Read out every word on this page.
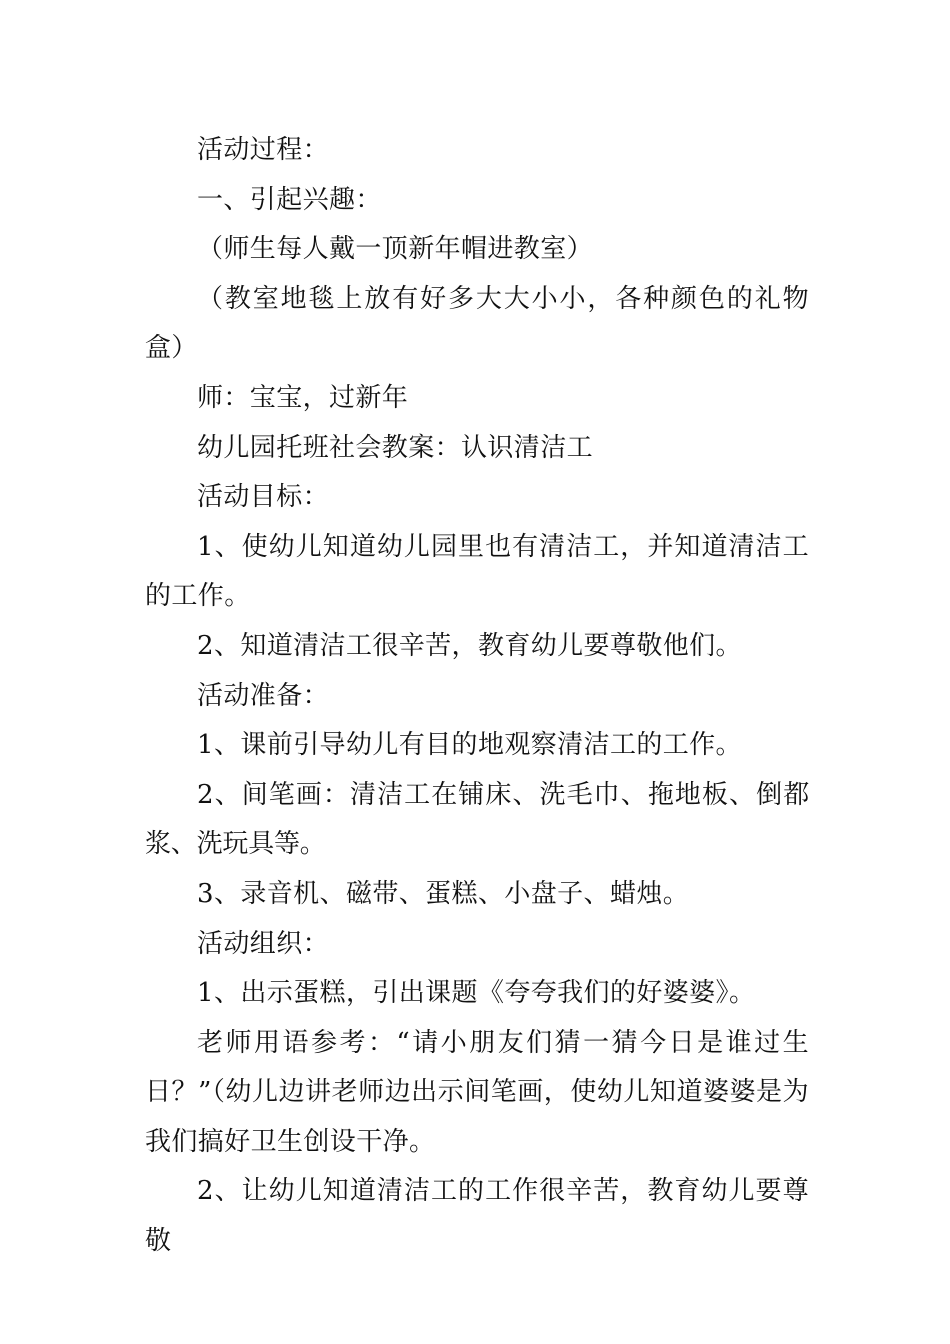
活动过程：

一、引起兴趣：

（师生每人戴一顶新年帽进教室）

（教室地毯上放有好多大大小小，各种颜色的礼物盒）

师：宝宝，过新年

幼儿园托班社会教案：认识清洁工

活动目标：

1、使幼儿知道幼儿园里也有清洁工，并知道清洁工的工作。

2、知道清洁工很辛苦，教育幼儿要尊敬他们。

活动准备：

1、课前引导幼儿有目的地观察清洁工的工作。

2、间笔画：清洁工在铺床、洗毛巾、拖地板、倒都浆、洗玩具等。

3、录音机、磁带、蛋糕、小盘子、蜡烛。

活动组织：

1、出示蛋糕，引出课题《夸夸我们的好婆婆》。

老师用语参考：“请小朋友们猜一猜今日是谁过生日？”（幼儿边讲老师边出示间笔画，使幼儿知道婆婆是为我们搞好卫生创设干净。

2、让幼儿知道清洁工的工作很辛苦，教育幼儿要尊敬
